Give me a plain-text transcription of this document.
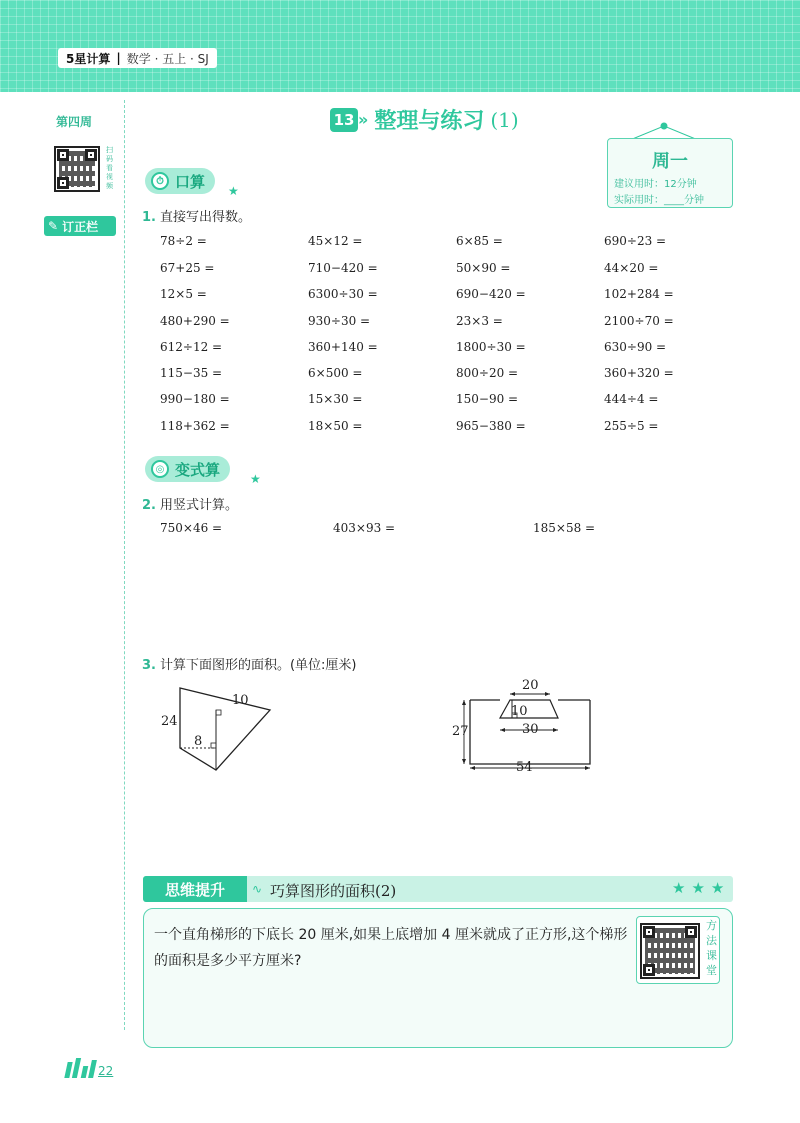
5星计算 | 数学 · 五上 · SJ
第四周
扫码看视频
✎ 订正栏
13 » 整理与练习 (1)
周一
建议用时：12分钟
实际用时：____分钟
⏱ 口算
★
1. 直接写出得数。
78÷2 =	45×12 =	6×85 =	690÷23 =
67+25 =	710−420 =	50×90 =	44×20 =
12×5 =	6300÷30 =	690−420 =	102+284 =
480+290 =	930÷30 =	23×3 =	2100÷70 =
612÷12 =	360+140 =	1800÷30 =	630÷90 =
115−35 =	6×500 =	800÷20 =	360+320 =
990−180 =	15×30 =	150−90 =	444÷4 =
118+362 =	18×50 =	965−380 =	255÷5 =
◎ 变式算
★
2. 用竖式计算。
750×46 =	403×93 =	185×58 =
3. 计算下面图形的面积。(单位:厘米)
24
10
8
20
10
30
27
54
思维提升	∿ 巧算图形的面积(2)	★★★
一个直角梯形的下底长 20 厘米,如果上底增加 4 厘米就成了正方形,这个梯形的面积是多少平方厘米?
方法课堂
22
